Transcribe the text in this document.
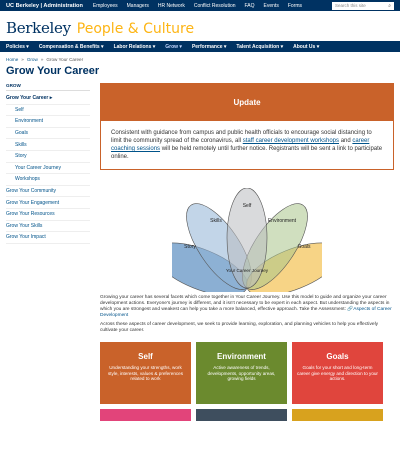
UC Berkeley | Administration Employees Managers HR Network Conflict Resolution FAQ Events Forms	Search this site	⌕
Berkeley People & Culture
Policies ▾ Compensation & Benefits ▾ Labor Relations ▾ Grow ▾ Performance ▾ Talent Acquisition ▾ About Us ▾
Home » Grow » Grow Your Career
Grow Your Career
GROW
Grow Your Career ▸
Self
Environment
Goals
Skills
Story
Your Career Journey
Workshops
Grow Your Community
Grow Your Engagement
Grow Your Resources
Grow Your Skills
Grow Your Impact
Update
Consistent with guidance from campus and public health officials to encourage social distancing to limit the community spread of the coronavirus, all staff career development workshops and career coaching sessions will be held remotely until further notice. Registrants will be sent a link to participate online.
Self
Skills	Environment
Story	Goals
Your Career Journey

Growing your career has several facets which come together in Your Career Journey. Use this model to guide and organize your career development actions. Everyone's journey is different, and it isn't necessary to be expert in each aspect. But understanding the aspects in which you are strongest and weakest can help you take a more balanced, effective approach. Take the Assessment: 🔗Aspects of Career Development

Across these aspects of career development, we seek to provide learning, exploration, and planning vehicles to help you effectively cultivate your career.

Self
Understanding your strengths, work style, interests, values & preferences related to work
Environment
Active awareness of trends, developments, opportunity areas, growing fields
Goals
Goals for your short and long-term career give energy and direction to your actions.
